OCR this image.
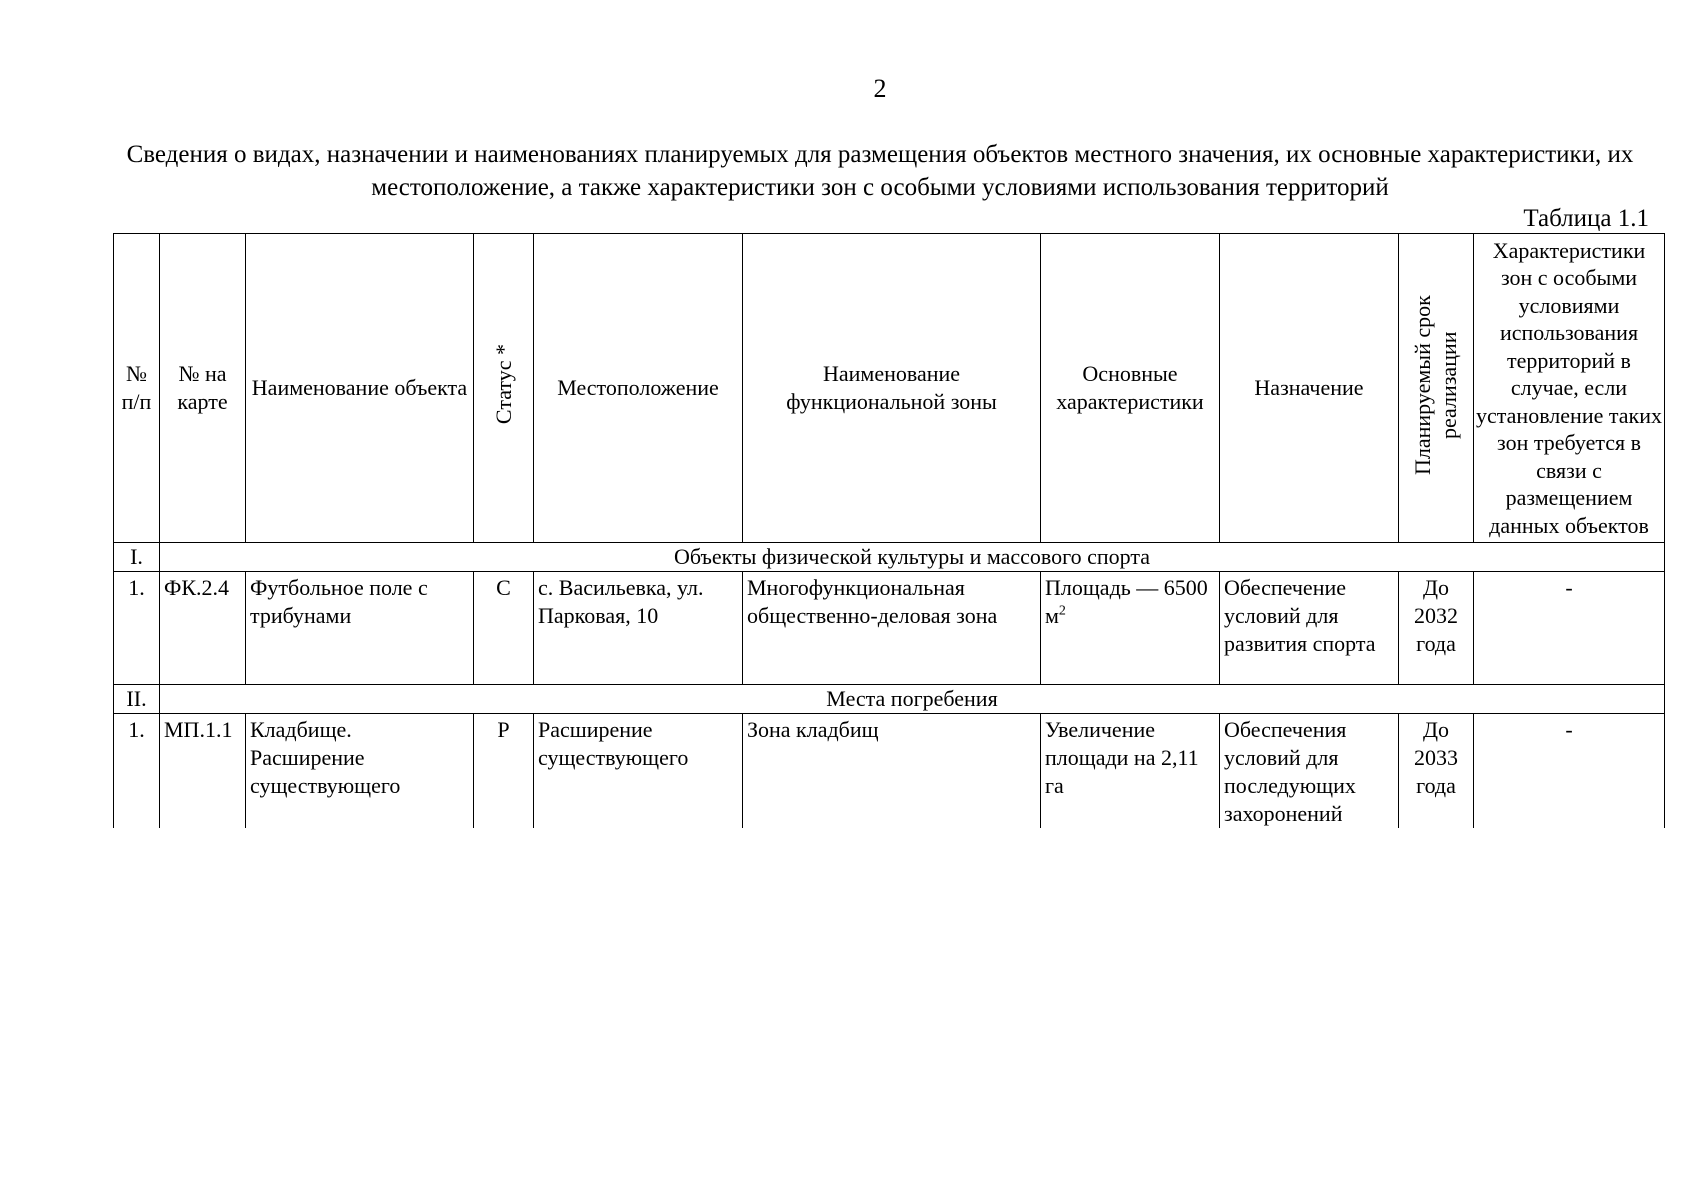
2
Сведения о видах, назначении и наименованиях планируемых для размещения объектов местного значения, их основные характеристики, их местоположение, а также характеристики зон с особыми условиями использования территорий
Таблица 1.1
№ п/п	№ на карте	Наименование объекта	Статус *	Местоположение	Наименование функциональной зоны	Основные характеристики	Назначение	Планируемый срок реализации	Характеристики зон с особыми условиями использования территорий в случае, если установление таких зон требуется в связи с размещением данных объектов
I.	Объекты физической культуры и массового спорта								
1.	ФК.2.4	Футбольное поле с трибунами	С	с. Васильевка, ул. Парковая, 10	Многофункциональная общественно-деловая зона	Площадь — 6500 $м^2$	Обеспечение условий для развития спорта	До 2032 года	-
II.	Места погребения								
1.	МП.1.1	Кладбище. Расширение существующего	Р	Расширение существующего	Зона кладбищ	Увеличение площади на 2,11 га	Обеспечения условий для последующих захоронений	До 2033 года	-
